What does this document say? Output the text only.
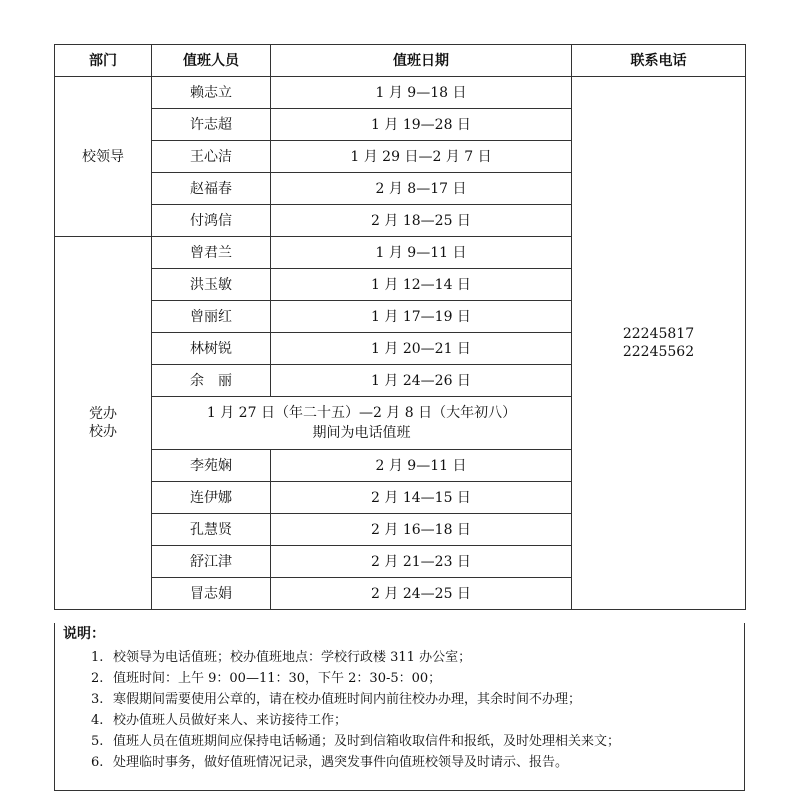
部门	值班人员	值班日期	联系电话
校领导	赖志立	1 月 9—18 日	22245817
22245562

	许志超	1 月 19—28 日	
	王心洁	1 月 29 日—2 月 7 日	
	赵福春	2 月 8—17 日	
	付鸿信	2 月 18—25 日	

党办
校办	曾君兰	1 月 9—11 日	
	洪玉敏	1 月 12—14 日	
	曾丽红	1 月 17—19 日	
	林树锐	1 月 20—21 日	
	余　丽	1 月 24—26 日	

	1 月 27 日（年二十五）—2 月 8 日（大年初八）
期间为电话值班		

	李苑娴	2 月 9—11 日	
	连伊娜	2 月 14—15 日	
	孔慧贤	2 月 16—18 日	
	舒江津	2 月 21—23 日	
	冒志娟	2 月 24—25 日	
说明：
1. 校领导为电话值班；校办值班地点：学校行政楼 311 办公室；
2. 值班时间：上午 9：00—11：30，下午 2：30-5：00；
3. 寒假期间需要使用公章的，请在校办值班时间内前往校办办理，其余时间不办理；
4. 校办值班人员做好来人、来访接待工作；
5. 值班人员在值班期间应保持电话畅通；及时到信箱收取信件和报纸，及时处理相关来文；
6. 处理临时事务，做好值班情况记录，遇突发事件向值班校领导及时请示、报告。
